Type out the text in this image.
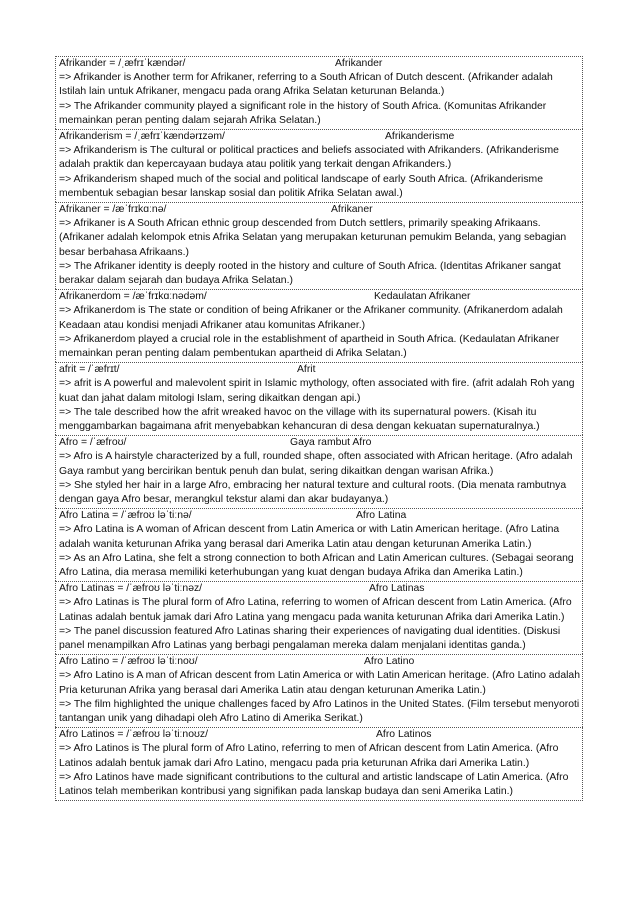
Afrikander = /ˌæfrɪˈkændər/	Afrikander
=> Afrikander is Another term for Afrikaner, referring to a South African of Dutch descent. (Afrikander adalah Istilah lain untuk Afrikaner, mengacu pada orang Afrika Selatan keturunan Belanda.)
=> The Afrikander community played a significant role in the history of South Africa. (Komunitas Afrikander memainkan peran penting dalam sejarah Afrika Selatan.)
Afrikanderism = /ˌæfrɪˈkændərɪzəm/	Afrikanderisme
=> Afrikanderism is The cultural or political practices and beliefs associated with Afrikanders. (Afrikanderisme adalah praktik dan kepercayaan budaya atau politik yang terkait dengan Afrikanders.)
=> Afrikanderism shaped much of the social and political landscape of early South Africa. (Afrikanderisme membentuk sebagian besar lanskap sosial dan politik Afrika Selatan awal.)
Afrikaner = /æˈfrɪkɑːnə/	Afrikaner
=> Afrikaner is A South African ethnic group descended from Dutch settlers, primarily speaking Afrikaans. (Afrikaner adalah kelompok etnis Afrika Selatan yang merupakan keturunan pemukim Belanda, yang sebagian besar berbahasa Afrikaans.)
=> The Afrikaner identity is deeply rooted in the history and culture of South Africa. (Identitas Afrikaner sangat berakar dalam sejarah dan budaya Afrika Selatan.)
Afrikanerdom = /æˈfrɪkɑːnədəm/	Kedaulatan Afrikaner
=> Afrikanerdom is The state or condition of being Afrikaner or the Afrikaner community. (Afrikanerdom adalah Keadaan atau kondisi menjadi Afrikaner atau komunitas Afrikaner.)
=> Afrikanerdom played a crucial role in the establishment of apartheid in South Africa. (Kedaulatan Afrikaner memainkan peran penting dalam pembentukan apartheid di Afrika Selatan.)
afrit = /ˈæfrɪt/	Afrit
=> afrit is A powerful and malevolent spirit in Islamic mythology, often associated with fire. (afrit adalah Roh yang kuat dan jahat dalam mitologi Islam, sering dikaitkan dengan api.)
=> The tale described how the afrit wreaked havoc on the village with its supernatural powers. (Kisah itu menggambarkan bagaimana afrit menyebabkan kehancuran di desa dengan kekuatan supernaturalnya.)
Afro = /ˈæfroʊ/	Gaya rambut Afro
=> Afro is A hairstyle characterized by a full, rounded shape, often associated with African heritage. (Afro adalah Gaya rambut yang bercirikan bentuk penuh dan bulat, sering dikaitkan dengan warisan Afrika.)
=> She styled her hair in a large Afro, embracing her natural texture and cultural roots. (Dia menata rambutnya dengan gaya Afro besar, merangkul tekstur alami dan akar budayanya.)
Afro Latina = /ˈæfroʊ ləˈtiːnə/	Afro Latina
=> Afro Latina is A woman of African descent from Latin America or with Latin American heritage. (Afro Latina adalah wanita keturunan Afrika yang berasal dari Amerika Latin atau dengan keturunan Amerika Latin.)
=> As an Afro Latina, she felt a strong connection to both African and Latin American cultures. (Sebagai seorang Afro Latina, dia merasa memiliki keterhubungan yang kuat dengan budaya Afrika dan Amerika Latin.)
Afro Latinas = /ˈæfroʊ ləˈtiːnəz/	Afro Latinas
=> Afro Latinas is The plural form of Afro Latina, referring to women of African descent from Latin America. (Afro Latinas adalah bentuk jamak dari Afro Latina yang mengacu pada wanita keturunan Afrika dari Amerika Latin.)
=> The panel discussion featured Afro Latinas sharing their experiences of navigating dual identities. (Diskusi panel menampilkan Afro Latinas yang berbagi pengalaman mereka dalam menjalani identitas ganda.)
Afro Latino = /ˈæfroʊ ləˈtiːnoʊ/	Afro Latino
=> Afro Latino is A man of African descent from Latin America or with Latin American heritage. (Afro Latino adalah Pria keturunan Afrika yang berasal dari Amerika Latin atau dengan keturunan Amerika Latin.)
=> The film highlighted the unique challenges faced by Afro Latinos in the United States. (Film tersebut menyoroti tantangan unik yang dihadapi oleh Afro Latino di Amerika Serikat.)
Afro Latinos = /ˈæfroʊ ləˈtiːnoʊz/	Afro Latinos
=> Afro Latinos is The plural form of Afro Latino, referring to men of African descent from Latin America. (Afro Latinos adalah bentuk jamak dari Afro Latino, mengacu pada pria keturunan Afrika dari Amerika Latin.)
=> Afro Latinos have made significant contributions to the cultural and artistic landscape of Latin America. (Afro Latinos telah memberikan kontribusi yang signifikan pada lanskap budaya dan seni Amerika Latin.)
